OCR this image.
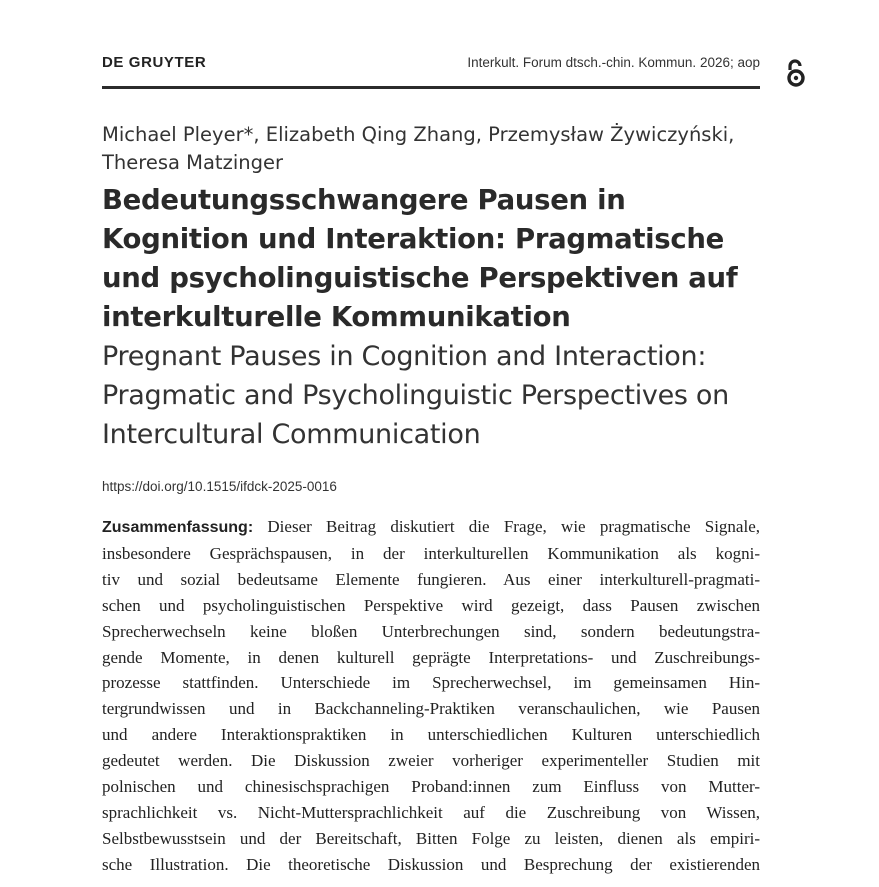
DE GRUYTER	Interkult. Forum dtsch.-chin. Kommun. 2026; aop
Michael Pleyer*, Elizabeth Qing Zhang, Przemysław Żywiczyński,
Theresa Matzinger
Bedeutungsschwangere Pausen in
Kognition und Interaktion: Pragmatische
und psycholinguistische Perspektiven auf
interkulturelle Kommunikation
Pregnant Pauses in Cognition and Interaction:
Pragmatic and Psycholinguistic Perspectives on
Intercultural Communication
https://doi.org/10.1515/ifdck-2025-0016
Zusammenfassung: Dieser Beitrag diskutiert die Frage, wie pragmatische Signale,
insbesondere Gesprächspausen, in der interkulturellen Kommunikation als kogni-
tiv und sozial bedeutsame Elemente fungieren. Aus einer interkulturell-pragmati-
schen und psycholinguistischen Perspektive wird gezeigt, dass Pausen zwischen
Sprecherwechseln keine bloßen Unterbrechungen sind, sondern bedeutungstra-
gende Momente, in denen kulturell geprägte Interpretations- und Zuschreibungs-
prozesse stattfinden. Unterschiede im Sprecherwechsel, im gemeinsamen Hin-
tergrundwissen und in Backchanneling-Praktiken veranschaulichen, wie Pausen
und andere Interaktionspraktiken in unterschiedlichen Kulturen unterschiedlich
gedeutet werden. Die Diskussion zweier vorheriger experimenteller Studien mit
polnischen und chinesischsprachigen Proband:innen zum Einfluss von Mutter-
sprachlichkeit vs. Nicht-Muttersprachlichkeit auf die Zuschreibung von Wissen,
Selbstbewusstsein und der Bereitschaft, Bitten Folge zu leisten, dienen als empiri-
sche Illustration. Die theoretische Diskussion und Besprechung der existierenden
